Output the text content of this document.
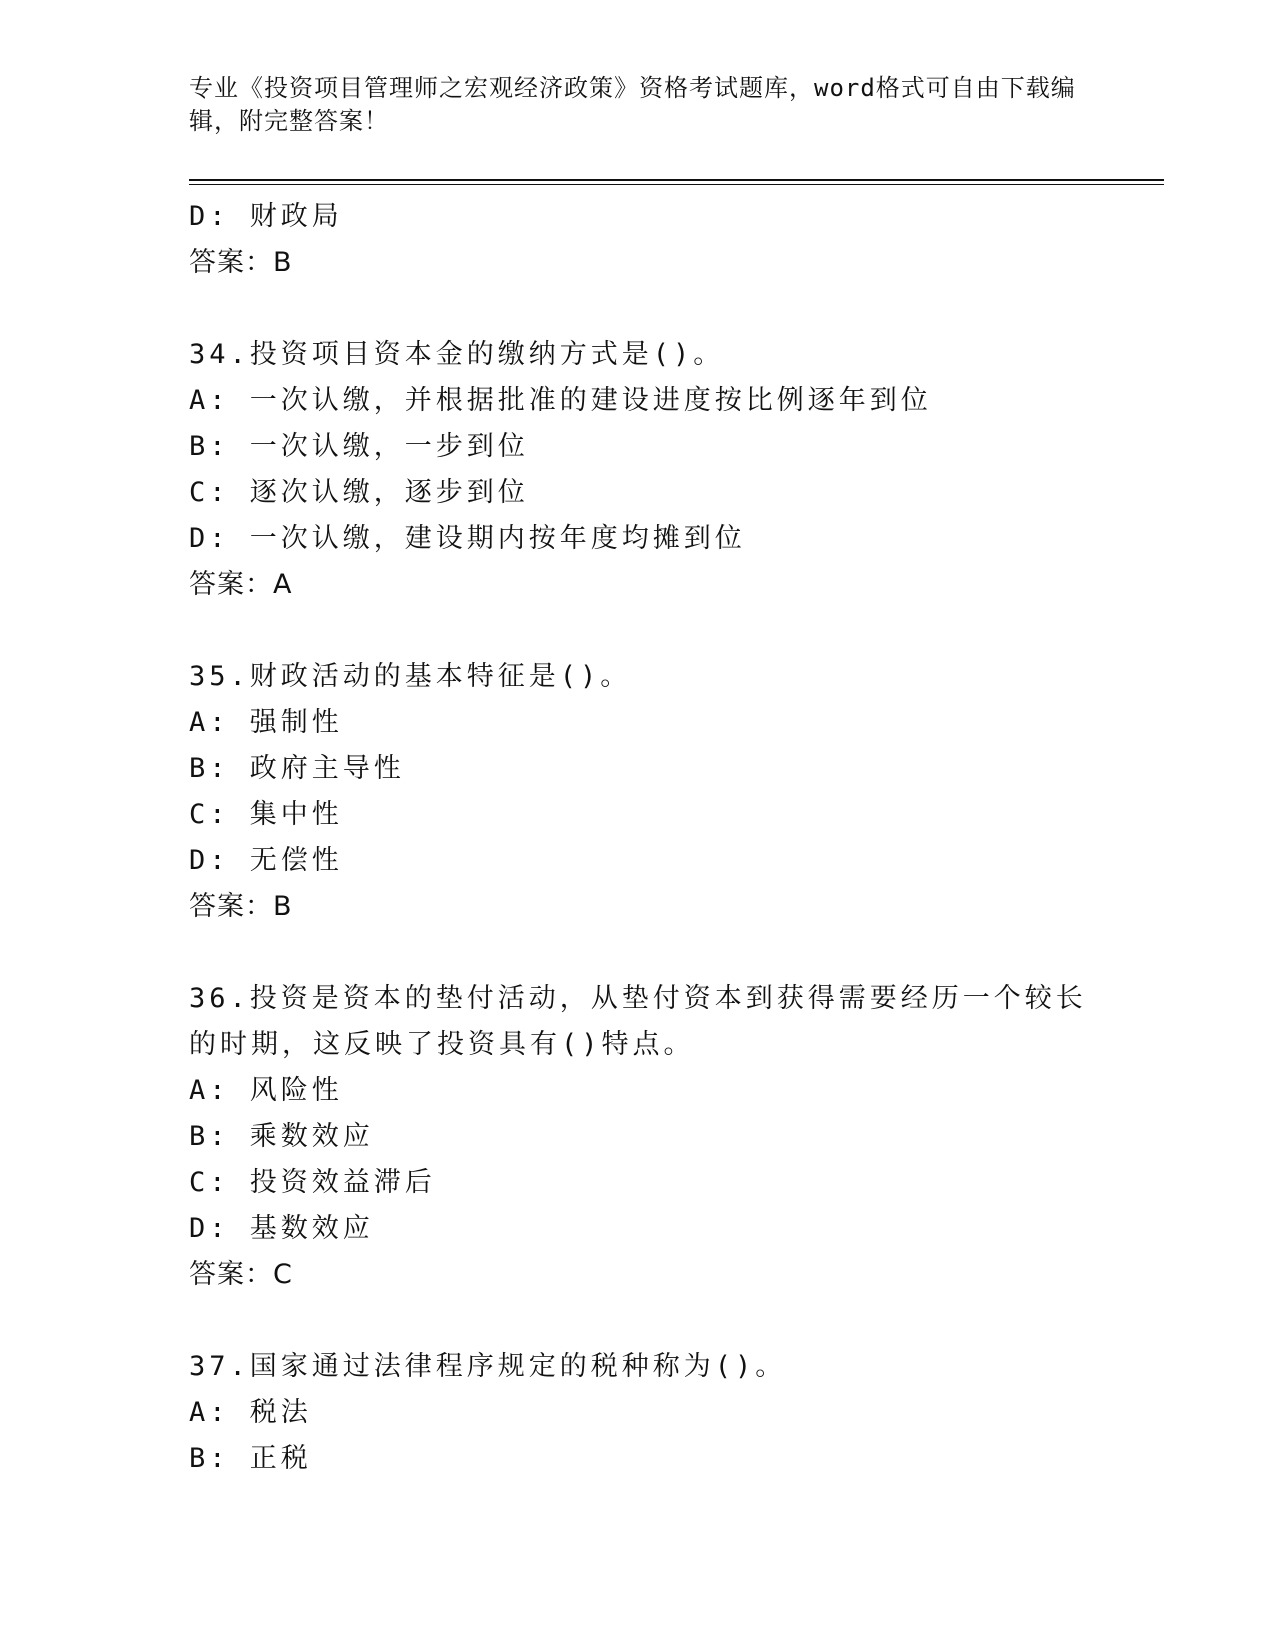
专业《投资项目管理师之宏观经济政策》资格考试题库，word格式可自由下载编辑，附完整答案！
D: 财政局
答案：B
34.投资项目资本金的缴纳方式是()。
A: 一次认缴，并根据批准的建设进度按比例逐年到位
B: 一次认缴，一步到位
C: 逐次认缴，逐步到位
D: 一次认缴，建设期内按年度均摊到位
答案：A
35.财政活动的基本特征是()。
A: 强制性
B: 政府主导性
C: 集中性
D: 无偿性
答案：B
36.投资是资本的垫付活动，从垫付资本到获得需要经历一个较长的时期，这反映了投资具有()特点。
A: 风险性
B: 乘数效应
C: 投资效益滞后
D: 基数效应
答案：C
37.国家通过法律程序规定的税种称为()。
A: 税法
B: 正税
